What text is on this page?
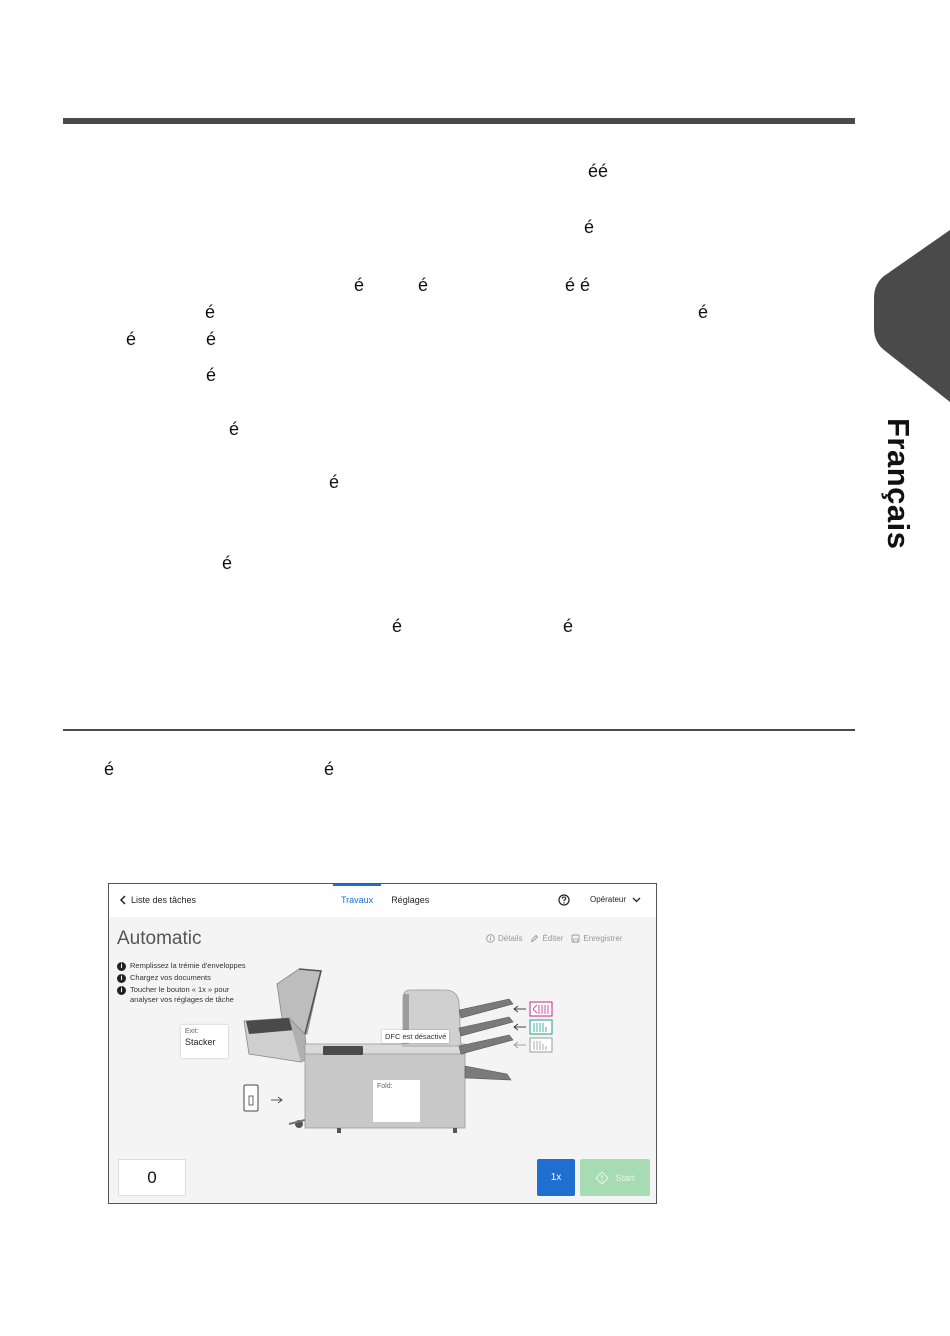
éé
é
é	é	é é
é	é
é	é
é
é
é
é
é	é
é	é
Français
Liste des tâches	Travaux Réglages	Opérateur
Automatic	Détails	Éditer	Enregistrer
i	Remplissez la trémie d'enveloppes
i	Chargez vos documents
i	Toucher le bouton « 1x » pour analyser vos réglages de tâche
Exit:
Stacker
DFC est désactivé
Fold:
0	1x	Start
